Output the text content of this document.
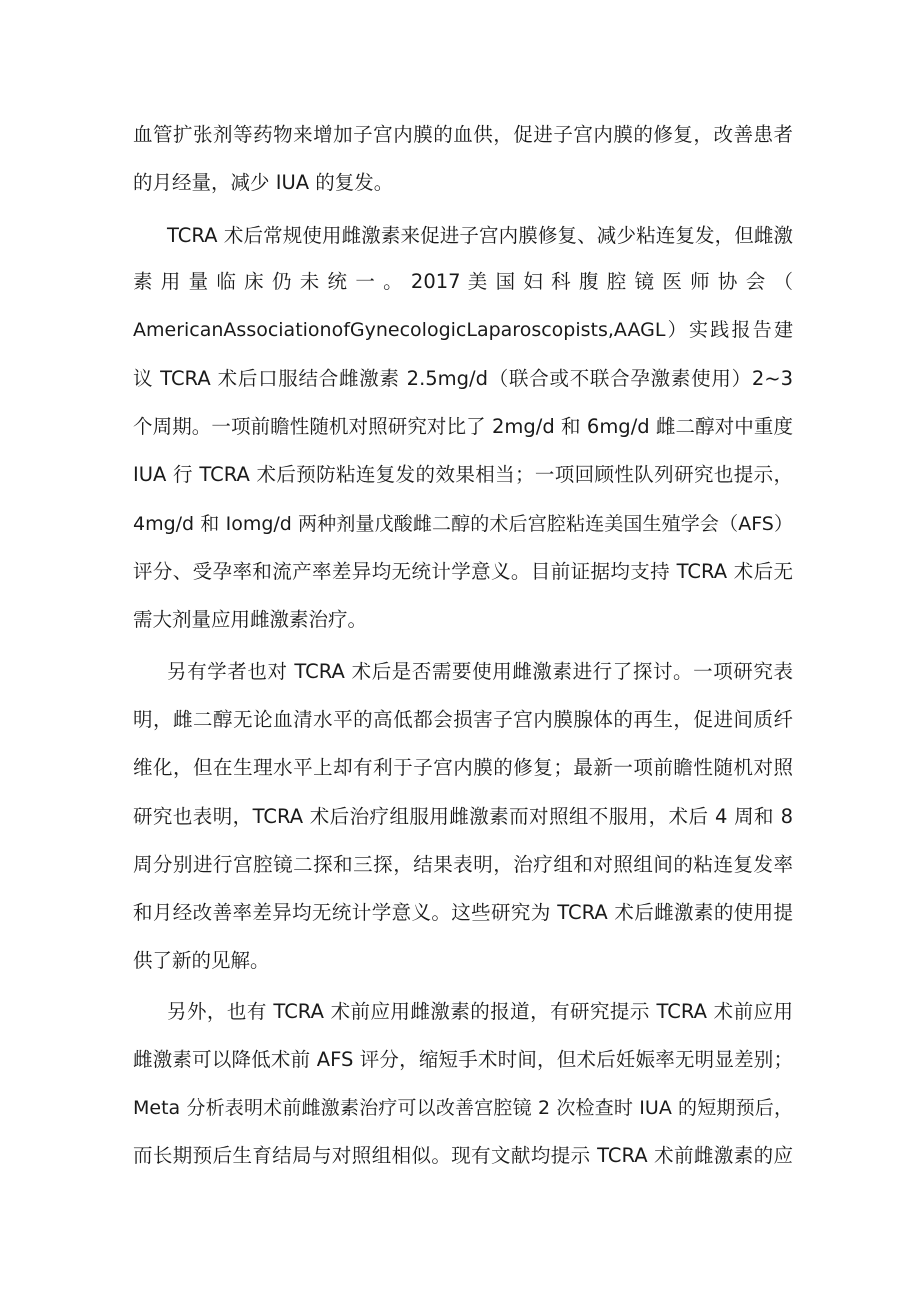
血管扩张剂等药物来增加子宫内膜的血供，促进子宫内膜的修复，改善患者
的月经量，减少 IUA 的复发。
TCRA 术后常规使用雌激素来促进子宫内膜修复、减少粘连复发，但雌激
素 用 量 临 床 仍 未 统 一 。 2017 美 国 妇 科 腹 腔 镜 医 师 协 会 （
AmericanAssociationofGynecologicLaparoscopists,AAGL）实践报告建
议 TCRA 术后口服结合雌激素 2.5mg/d（联合或不联合孕激素使用）2~3
个周期。一项前瞻性随机对照研究对比了 2mg/d 和 6mg/d 雌二醇对中重度
IUA 行 TCRA 术后预防粘连复发的效果相当；一项回顾性队列研究也提示，
4mg/d 和 Iomg/d 两种剂量戊酸雌二醇的术后宫腔粘连美国生殖学会（AFS）
评分、受孕率和流产率差异均无统计学意义。目前证据均支持 TCRA 术后无
需大剂量应用雌激素治疗。
另有学者也对 TCRA 术后是否需要使用雌激素进行了探讨。一项研究表
明，雌二醇无论血清水平的高低都会损害子宫内膜腺体的再生，促进间质纤
维化，但在生理水平上却有利于子宫内膜的修复；最新一项前瞻性随机对照
研究也表明，TCRA 术后治疗组服用雌激素而对照组不服用，术后 4 周和 8
周分别进行宫腔镜二探和三探，结果表明，治疗组和对照组间的粘连复发率
和月经改善率差异均无统计学意义。这些研究为 TCRA 术后雌激素的使用提
供了新的见解。
另外，也有 TCRA 术前应用雌激素的报道，有研究提示 TCRA 术前应用
雌激素可以降低术前 AFS 评分，缩短手术时间，但术后妊娠率无明显差别；
Meta 分析表明术前雌激素治疗可以改善宫腔镜 2 次检查时 IUA 的短期预后，
而长期预后生育结局与对照组相似。现有文献均提示 TCRA 术前雌激素的应
